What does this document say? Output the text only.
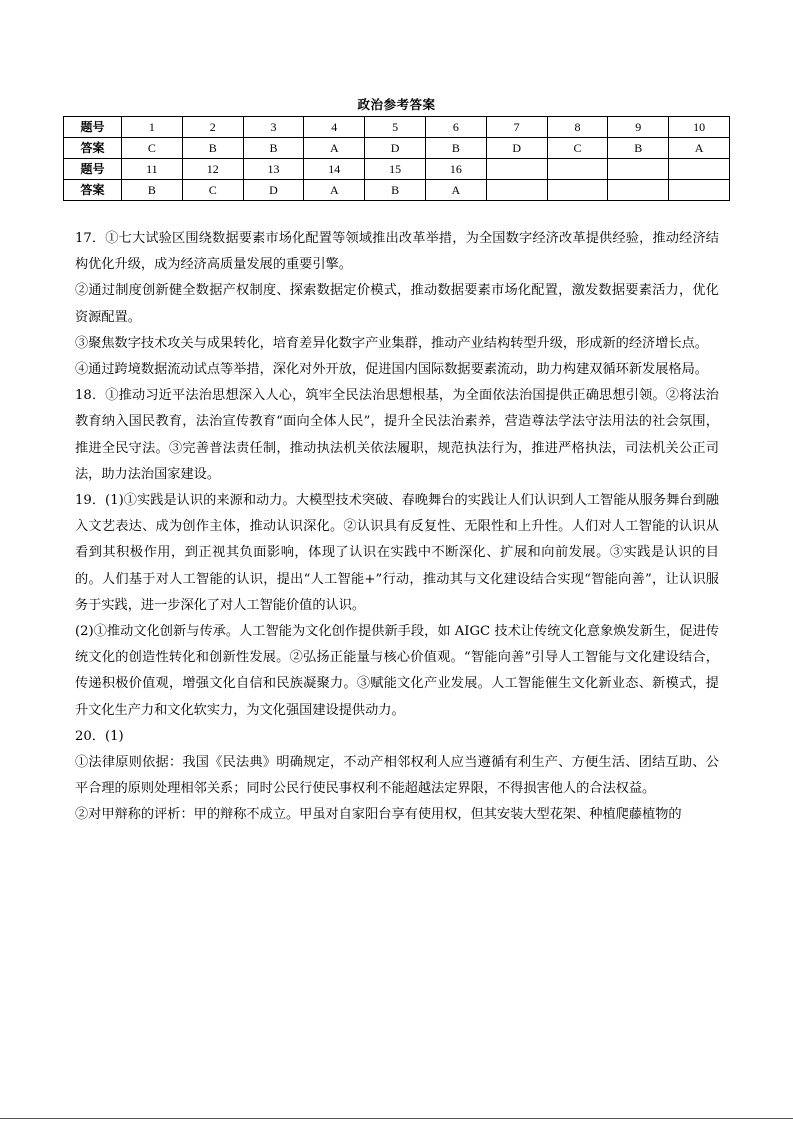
政治参考答案
题号	1	2	3	4	5	6	7	8	9	10
答案	C	B	B	A	D	B	D	C	B	A
题号	11	12	13	14	15	16				
答案	B	C	D	A	B	A				

17．①七大试验区围绕数据要素市场化配置等领域推出改革举措，为全国数字经济改革提供经验，推动经济结构优化升级，成为经济高质量发展的重要引擎。

②通过制度创新健全数据产权制度、探索数据定价模式，推动数据要素市场化配置，激发数据要素活力，优化资源配置。

③聚焦数字技术攻关与成果转化，培育差异化数字产业集群，推动产业结构转型升级，形成新的经济增长点。

④通过跨境数据流动试点等举措，深化对外开放，促进国内国际数据要素流动，助力构建双循环新发展格局。

18．①推动习近平法治思想深入人心，筑牢全民法治思想根基，为全面依法治国提供正确思想引领。②将法治教育纳入国民教育，法治宣传教育“面向全体人民”，提升全民法治素养，营造尊法学法守法用法的社会氛围，推进全民守法。③完善普法责任制，推动执法机关依法履职，规范执法行为，推进严格执法，司法机关公正司法，助力法治国家建设。

19．(1)①实践是认识的来源和动力。大模型技术突破、春晚舞台的实践让人们认识到人工智能从服务舞台到融入文艺表达、成为创作主体，推动认识深化。②认识具有反复性、无限性和上升性。人们对人工智能的认识从看到其积极作用，到正视其负面影响，体现了认识在实践中不断深化、扩展和向前发展。③实践是认识的目的。人们基于对人工智能的认识，提出“人工智能+”行动，推动其与文化建设结合实现“智能向善”，让认识服务于实践，进一步深化了对人工智能价值的认识。

(2)①推动文化创新与传承。人工智能为文化创作提供新手段，如 AIGC 技术让传统文化意象焕发新生，促进传统文化的创造性转化和创新性发展。②弘扬正能量与核心价值观。“智能向善”引导人工智能与文化建设结合，传递积极价值观，增强文化自信和民族凝聚力。③赋能文化产业发展。人工智能催生文化新业态、新模式，提升文化生产力和文化软实力，为文化强国建设提供动力。

20．(1)

①法律原则依据：我国《民法典》明确规定，不动产相邻权利人应当遵循有利生产、方便生活、团结互助、公平合理的原则处理相邻关系；同时公民行使民事权利不能超越法定界限，不得损害他人的合法权益。

②对甲辩称的评析：甲的辩称不成立。甲虽对自家阳台享有使用权，但其安装大型花架、种植爬藤植物的
